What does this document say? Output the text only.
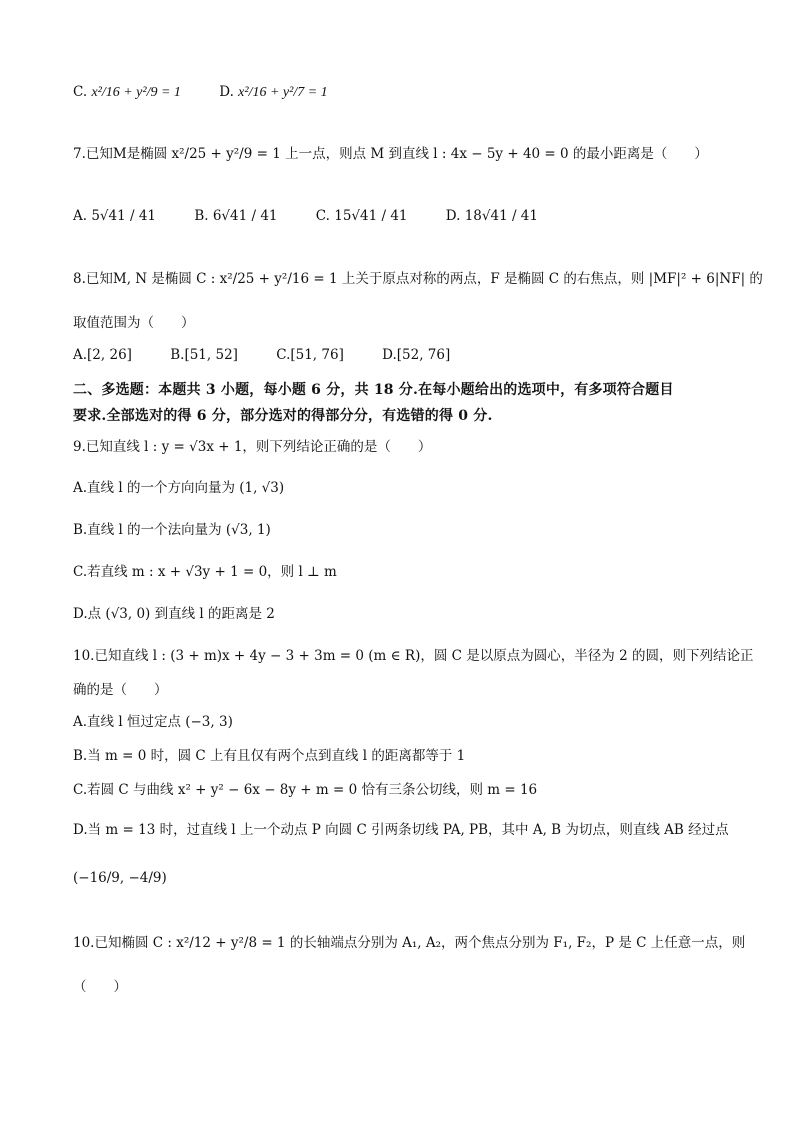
C. x²/16 + y²/9 = 1	D. x²/16 + y²/7 = 1
7.已知M是椭圆 x²/25 + y²/9 = 1 上一点，则点 M 到直线 l : 4x − 5y + 40 = 0 的最小距离是（　　）
A. 5√41 / 41	B. 6√41 / 41	C. 15√41 / 41	D. 18√41 / 41
8.已知M, N 是椭圆 C : x²/25 + y²/16 = 1 上关于原点对称的两点，F 是椭圆 C 的右焦点，则 |MF|² + 6|NF| 的
取值范围为（　　）
A.[2, 26]	B.[51, 52]	C.[51, 76]	D.[52, 76]
二、多选题：本题共 3 小题，每小题 6 分，共 18 分.在每小题给出的选项中，有多项符合题目
要求.全部选对的得 6 分，部分选对的得部分分，有选错的得 0 分.
9.已知直线 l : y = √3x + 1，则下列结论正确的是（　　）
A.直线 l 的一个方向向量为 (1, √3)
B.直线 l 的一个法向量为 (√3, 1)
C.若直线 m : x + √3y + 1 = 0，则 l ⊥ m
D.点 (√3, 0) 到直线 l 的距离是 2
10.已知直线 l : (3 + m)x + 4y − 3 + 3m = 0 (m ∈ R)，圆 C 是以原点为圆心，半径为 2 的圆，则下列结论正
确的是（　　）
A.直线 l 恒过定点 (−3, 3)
B.当 m = 0 时，圆 C 上有且仅有两个点到直线 l 的距离都等于 1
C.若圆 C 与曲线 x² + y² − 6x − 8y + m = 0 恰有三条公切线，则 m = 16
D.当 m = 13 时，过直线 l 上一个动点 P 向圆 C 引两条切线 PA, PB，其中 A, B 为切点，则直线 AB 经过点
(−16/9, −4/9)
10.已知椭圆 C : x²/12 + y²/8 = 1 的长轴端点分别为 A₁, A₂，两个焦点分别为 F₁, F₂，P 是 C 上任意一点，则
（　　）
